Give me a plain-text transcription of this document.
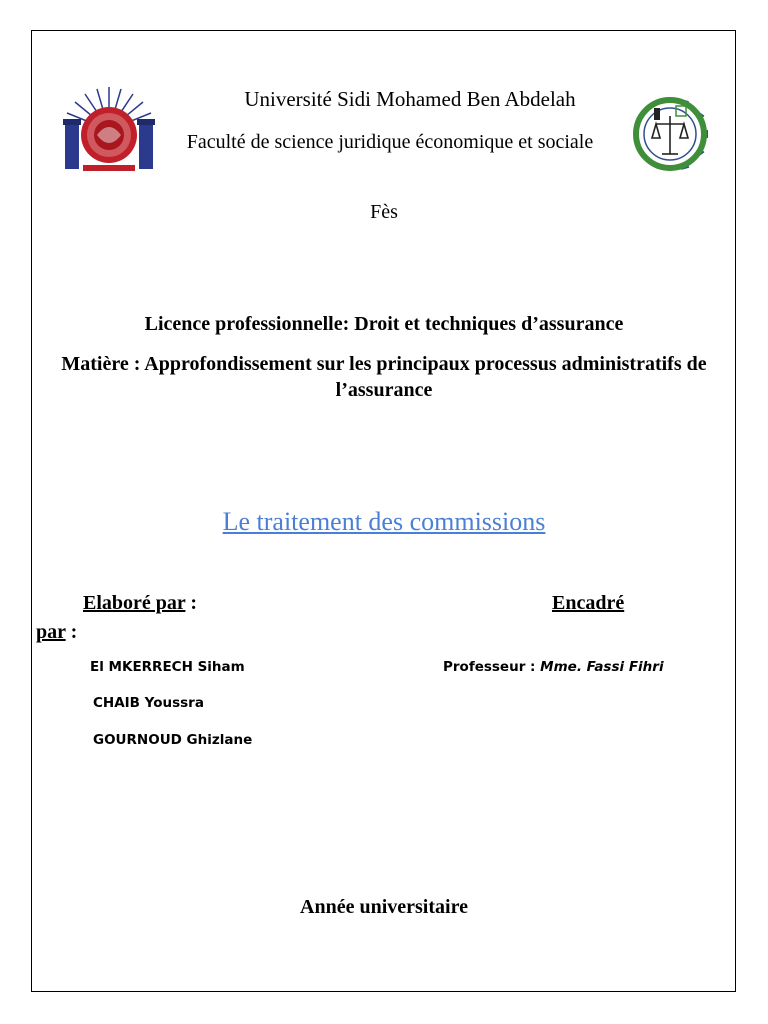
Université Sidi Mohamed Ben Abdelah
Faculté de science juridique économique et sociale
Fès
Licence professionnelle: Droit et techniques d’assurance
Matière : Approfondissement sur les principaux processus administratifs de l’assurance
Le traitement des commissions
Elaboré par :	Encadré
par :
El MKERRECH Siham
CHAIB Youssra
GOURNOUD Ghizlane
Professeur : Mme. Fassi Fihri
Année universitaire
